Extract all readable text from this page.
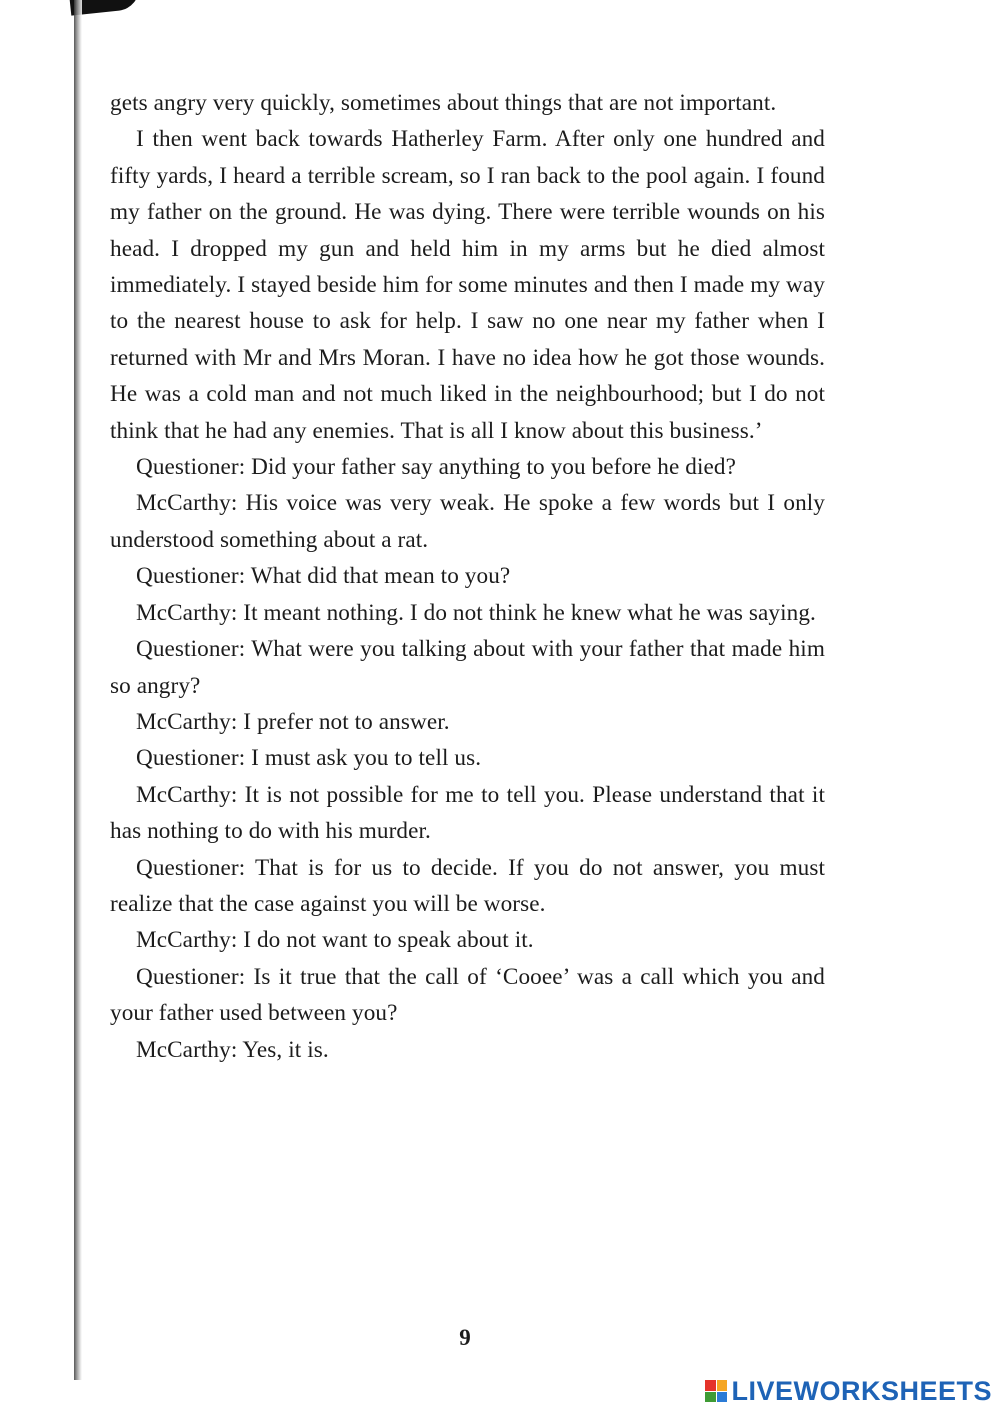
gets angry very quickly, sometimes about things that are not important.

I then went back towards Hatherley Farm. After only one hundred and fifty yards, I heard a terrible scream, so I ran back to the pool again. I found my father on the ground. He was dying. There were terrible wounds on his head. I dropped my gun and held him in my arms but he died almost immediately. I stayed beside him for some minutes and then I made my way to the nearest house to ask for help. I saw no one near my father when I returned with Mr and Mrs Moran. I have no idea how he got those wounds. He was a cold man and not much liked in the neighbourhood; but I do not think that he had any enemies. That is all I know about this business.’

Questioner: Did your father say anything to you before he died?

McCarthy: His voice was very weak. He spoke a few words but I only understood something about a rat.

Questioner: What did that mean to you?

McCarthy: It meant nothing. I do not think he knew what he was saying.

Questioner: What were you talking about with your father that made him so angry?

McCarthy: I prefer not to answer.

Questioner: I must ask you to tell us.

McCarthy: It is not possible for me to tell you. Please understand that it has nothing to do with his murder.

Questioner: That is for us to decide. If you do not answer, you must realize that the case against you will be worse.

McCarthy: I do not want to speak about it.

Questioner: Is it true that the call of ‘Cooee’ was a call which you and your father used between you?

McCarthy: Yes, it is.

9
LIVEWORKSHEETS
